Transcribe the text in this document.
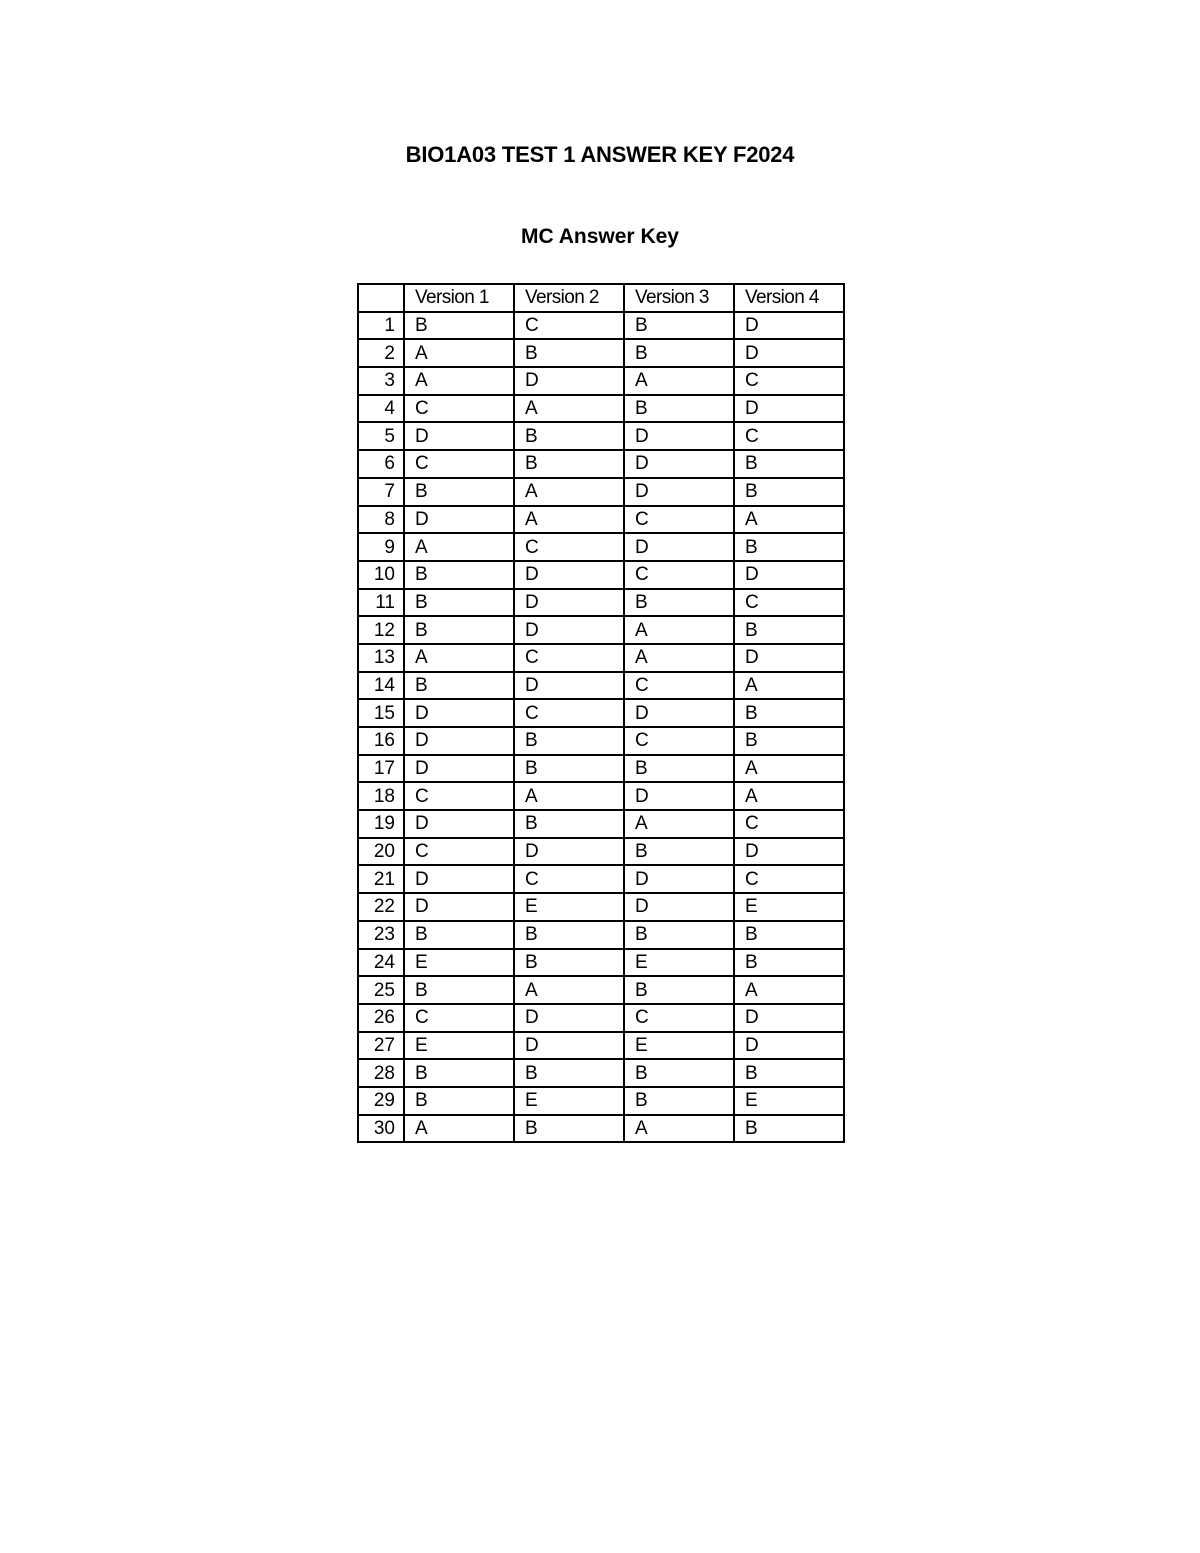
BIO1A03 TEST 1 ANSWER KEY F2024
MC Answer Key
	Version 1	Version 2	Version 3	Version 4
1	B	C	B	D
2	A	B	B	D
3	A	D	A	C
4	C	A	B	D
5	D	B	D	C
6	C	B	D	B
7	B	A	D	B
8	D	A	C	A
9	A	C	D	B
10	B	D	C	D
11	B	D	B	C
12	B	D	A	B
13	A	C	A	D
14	B	D	C	A
15	D	C	D	B
16	D	B	C	B
17	D	B	B	A
18	C	A	D	A
19	D	B	A	C
20	C	D	B	D
21	D	C	D	C
22	D	E	D	E
23	B	B	B	B
24	E	B	E	B
25	B	A	B	A
26	C	D	C	D
27	E	D	E	D
28	B	B	B	B
29	B	E	B	E
30	A	B	A	B
